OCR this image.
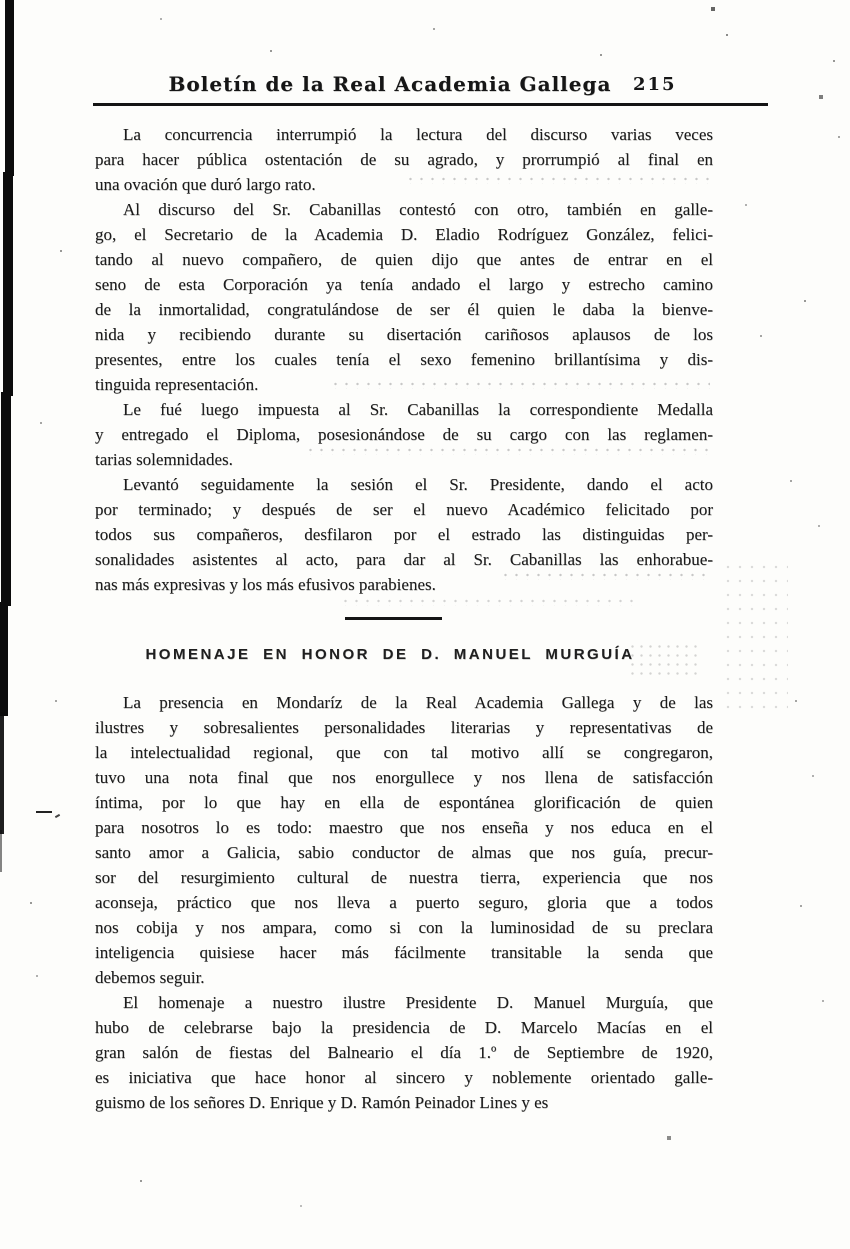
Boletín de la Real Academia Gallega 215
La concurrencia interrumpió la lectura del discurso varias veces
para hacer pública ostentación de su agrado, y prorrumpió al final en
una ovación que duró largo rato.
Al discurso del Sr. Cabanillas contestó con otro, también en galle-
go, el Secretario de la Academia D. Eladio Rodríguez González, felici-
tando al nuevo compañero, de quien dijo que antes de entrar en el
seno de esta Corporación ya tenía andado el largo y estrecho camino
de la inmortalidad, congratulándose de ser él quien le daba la bienve-
nida y recibiendo durante su disertación cariñosos aplausos de los
presentes, entre los cuales tenía el sexo femenino brillantísima y dis-
tinguida representación.
Le fué luego impuesta al Sr. Cabanillas la correspondiente Medalla
y entregado el Diploma, posesionándose de su cargo con las reglamen-
tarias solemnidades.
Levantó seguidamente la sesión el Sr. Presidente, dando el acto
por terminado; y después de ser el nuevo Académico felicitado por
todos sus compañeros, desfilaron por el estrado las distinguidas per-
sonalidades asistentes al acto, para dar al Sr. Cabanillas las enhorabue-
nas más expresivas y los más efusivos parabienes.
HOMENAJE EN HONOR DE D. MANUEL MURGUÍA
La presencia en Mondaríz de la Real Academia Gallega y de las
ilustres y sobresalientes personalidades literarias y representativas de
la intelectualidad regional, que con tal motivo allí se congregaron,
tuvo una nota final que nos enorgullece y nos llena de satisfacción
íntima, por lo que hay en ella de espontánea glorificación de quien
para nosotros lo es todo: maestro que nos enseña y nos educa en el
santo amor a Galicia, sabio conductor de almas que nos guía, precur-
sor del resurgimiento cultural de nuestra tierra, experiencia que nos
aconseja, práctico que nos lleva a puerto seguro, gloria que a todos
nos cobija y nos ampara, como si con la luminosidad de su preclara
inteligencia quisiese hacer más fácilmente transitable la senda que
debemos seguir.
El homenaje a nuestro ilustre Presidente D. Manuel Murguía, que
hubo de celebrarse bajo la presidencia de D. Marcelo Macías en el
gran salón de fiestas del Balneario el día 1.º de Septiembre de 1920,
es iniciativa que hace honor al sincero y noblemente orientado galle-
guismo de los señores D. Enrique y D. Ramón Peinador Lines y es
